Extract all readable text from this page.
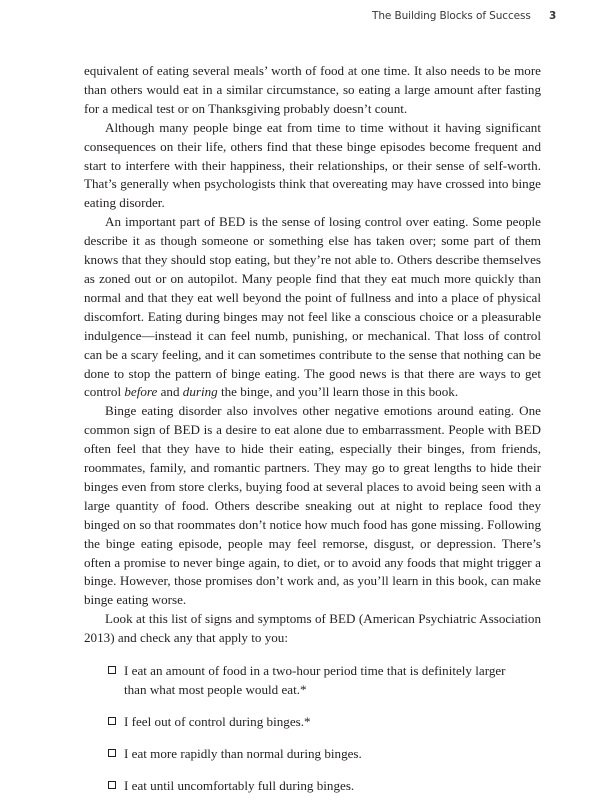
The Building Blocks of Success 3

equivalent of eating several meals’ worth of food at one time. It also needs to be more than others would eat in a similar circumstance, so eating a large amount after fasting for a medical test or on Thanksgiving probably doesn’t count.

Although many people binge eat from time to time without it having significant consequences on their life, others find that these binge episodes become frequent and start to interfere with their happiness, their relationships, or their sense of self-worth. That’s generally when psychologists think that overeating may have crossed into binge eating disorder.

An important part of BED is the sense of losing control over eating. Some people describe it as though someone or something else has taken over; some part of them knows that they should stop eating, but they’re not able to. Others describe themselves as zoned out or on autopilot. Many people find that they eat much more quickly than normal and that they eat well beyond the point of fullness and into a place of physical discomfort. Eating during binges may not feel like a conscious choice or a pleasurable indulgence—instead it can feel numb, punishing, or mechanical. That loss of control can be a scary feeling, and it can sometimes contribute to the sense that nothing can be done to stop the pattern of binge eating. The good news is that there are ways to get control before and during the binge, and you’ll learn those in this book.

Binge eating disorder also involves other negative emotions around eating. One common sign of BED is a desire to eat alone due to embarrassment. People with BED often feel that they have to hide their eating, especially their binges, from friends, roommates, family, and romantic partners. They may go to great lengths to hide their binges even from store clerks, buying food at several places to avoid being seen with a large quantity of food. Others describe sneaking out at night to replace food they binged on so that roommates don’t notice how much food has gone missing. Following the binge eating episode, people may feel remorse, disgust, or depression. There’s often a promise to never binge again, to diet, or to avoid any foods that might trigger a binge. However, those promises don’t work and, as you’ll learn in this book, can make binge eating worse.

Look at this list of signs and symptoms of BED (American Psychiatric Association 2013) and check any that apply to you:

I eat an amount of food in a two-hour period time that is definitely larger than what most people would eat.*
I feel out of control during binges.*
I eat more rapidly than normal during binges.
I eat until uncomfortably full during binges.
